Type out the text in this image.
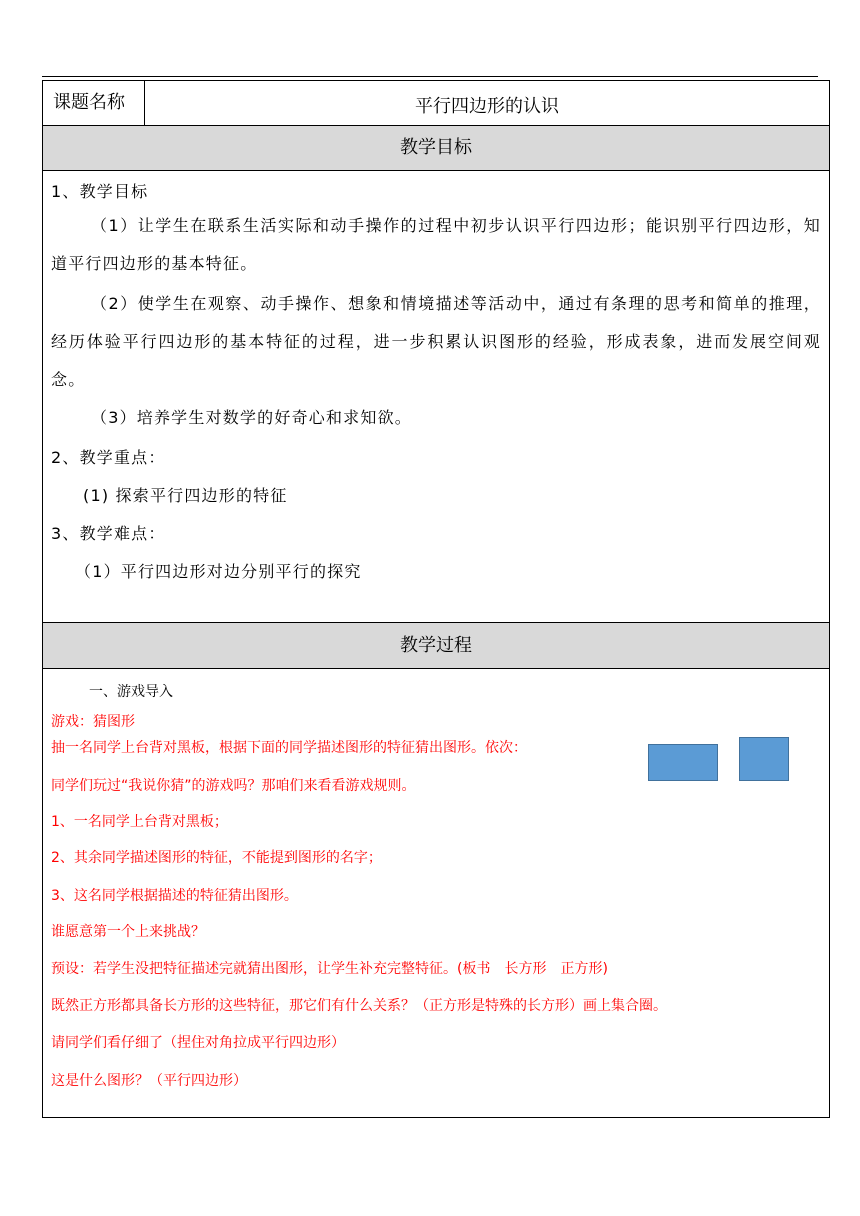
课题名称	平行四边形的认识
教学目标

1、教学目标

（1）让学生在联系生活实际和动手操作的过程中初步认识平行四边形；能识别平行四边形，知道平行四边形的基本特征。

（2）使学生在观察、动手操作、想象和情境描述等活动中，通过有条理的思考和简单的推理，经历体验平行四边形的基本特征的过程，进一步积累认识图形的经验，形成表象，进而发展空间观念。

（3）培养学生对数学的好奇心和求知欲。

2、教学重点：

(1) 探索平行四边形的特征

3、教学难点：

（1）平行四边形对边分别平行的探究

教学过程

一、游戏导入

游戏：猜图形

抽一名同学上台背对黑板，根据下面的同学描述图形的特征猜出图形。依次：

同学们玩过“我说你猜”的游戏吗？那咱们来看看游戏规则。

1、一名同学上台背对黑板；

2、其余同学描述图形的特征，不能提到图形的名字；

3、这名同学根据描述的特征猜出图形。

谁愿意第一个上来挑战？

预设：若学生没把特征描述完就猜出图形，让学生补充完整特征。(板书　长方形　正方形)

既然正方形都具备长方形的这些特征，那它们有什么关系？（正方形是特殊的长方形）画上集合圈。

请同学们看仔细了（捏住对角拉成平行四边形）

这是什么图形？（平行四边形）
